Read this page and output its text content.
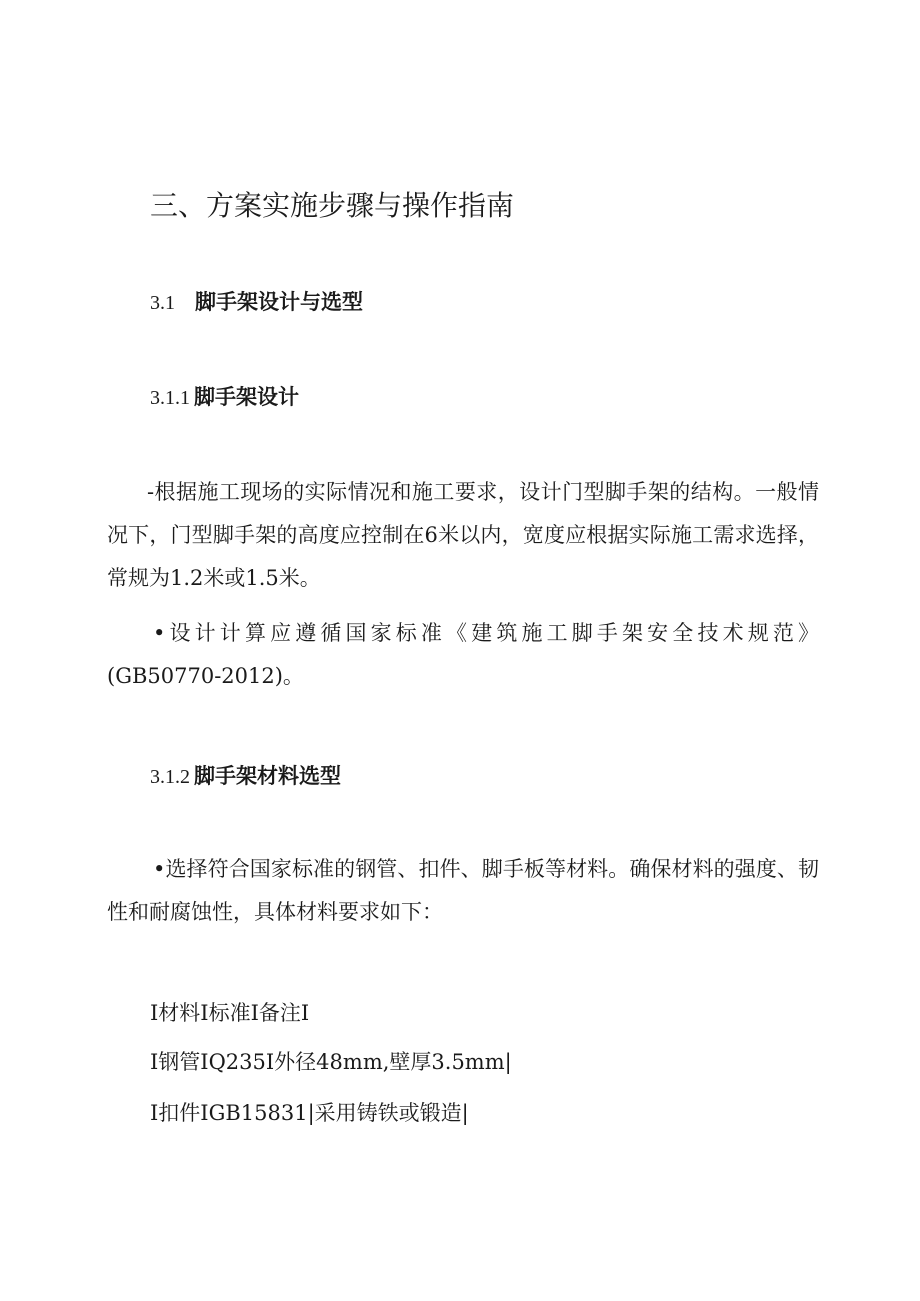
三、方案实施步骤与操作指南
3.1 脚手架设计与选型
3.1.1 脚手架设计

-根据施工现场的实际情况和施工要求，设计门型脚手架的结构。一般情况下，门型脚手架的高度应控制在6米以内，宽度应根据实际施工需求选择，常规为1.2米或1.5米。

•设计计算应遵循国家标准《建筑施工脚手架安全技术规范》(GB50770-2012)。

3.1.2 脚手架材料选型

•选择符合国家标准的钢管、扣件、脚手板等材料。确保材料的强度、韧性和耐腐蚀性，具体材料要求如下：

I材料I标准I备注I

I钢管IQ235I外径48mm,壁厚3.5mm|

I扣件IGB15831|采用铸铁或锻造|
